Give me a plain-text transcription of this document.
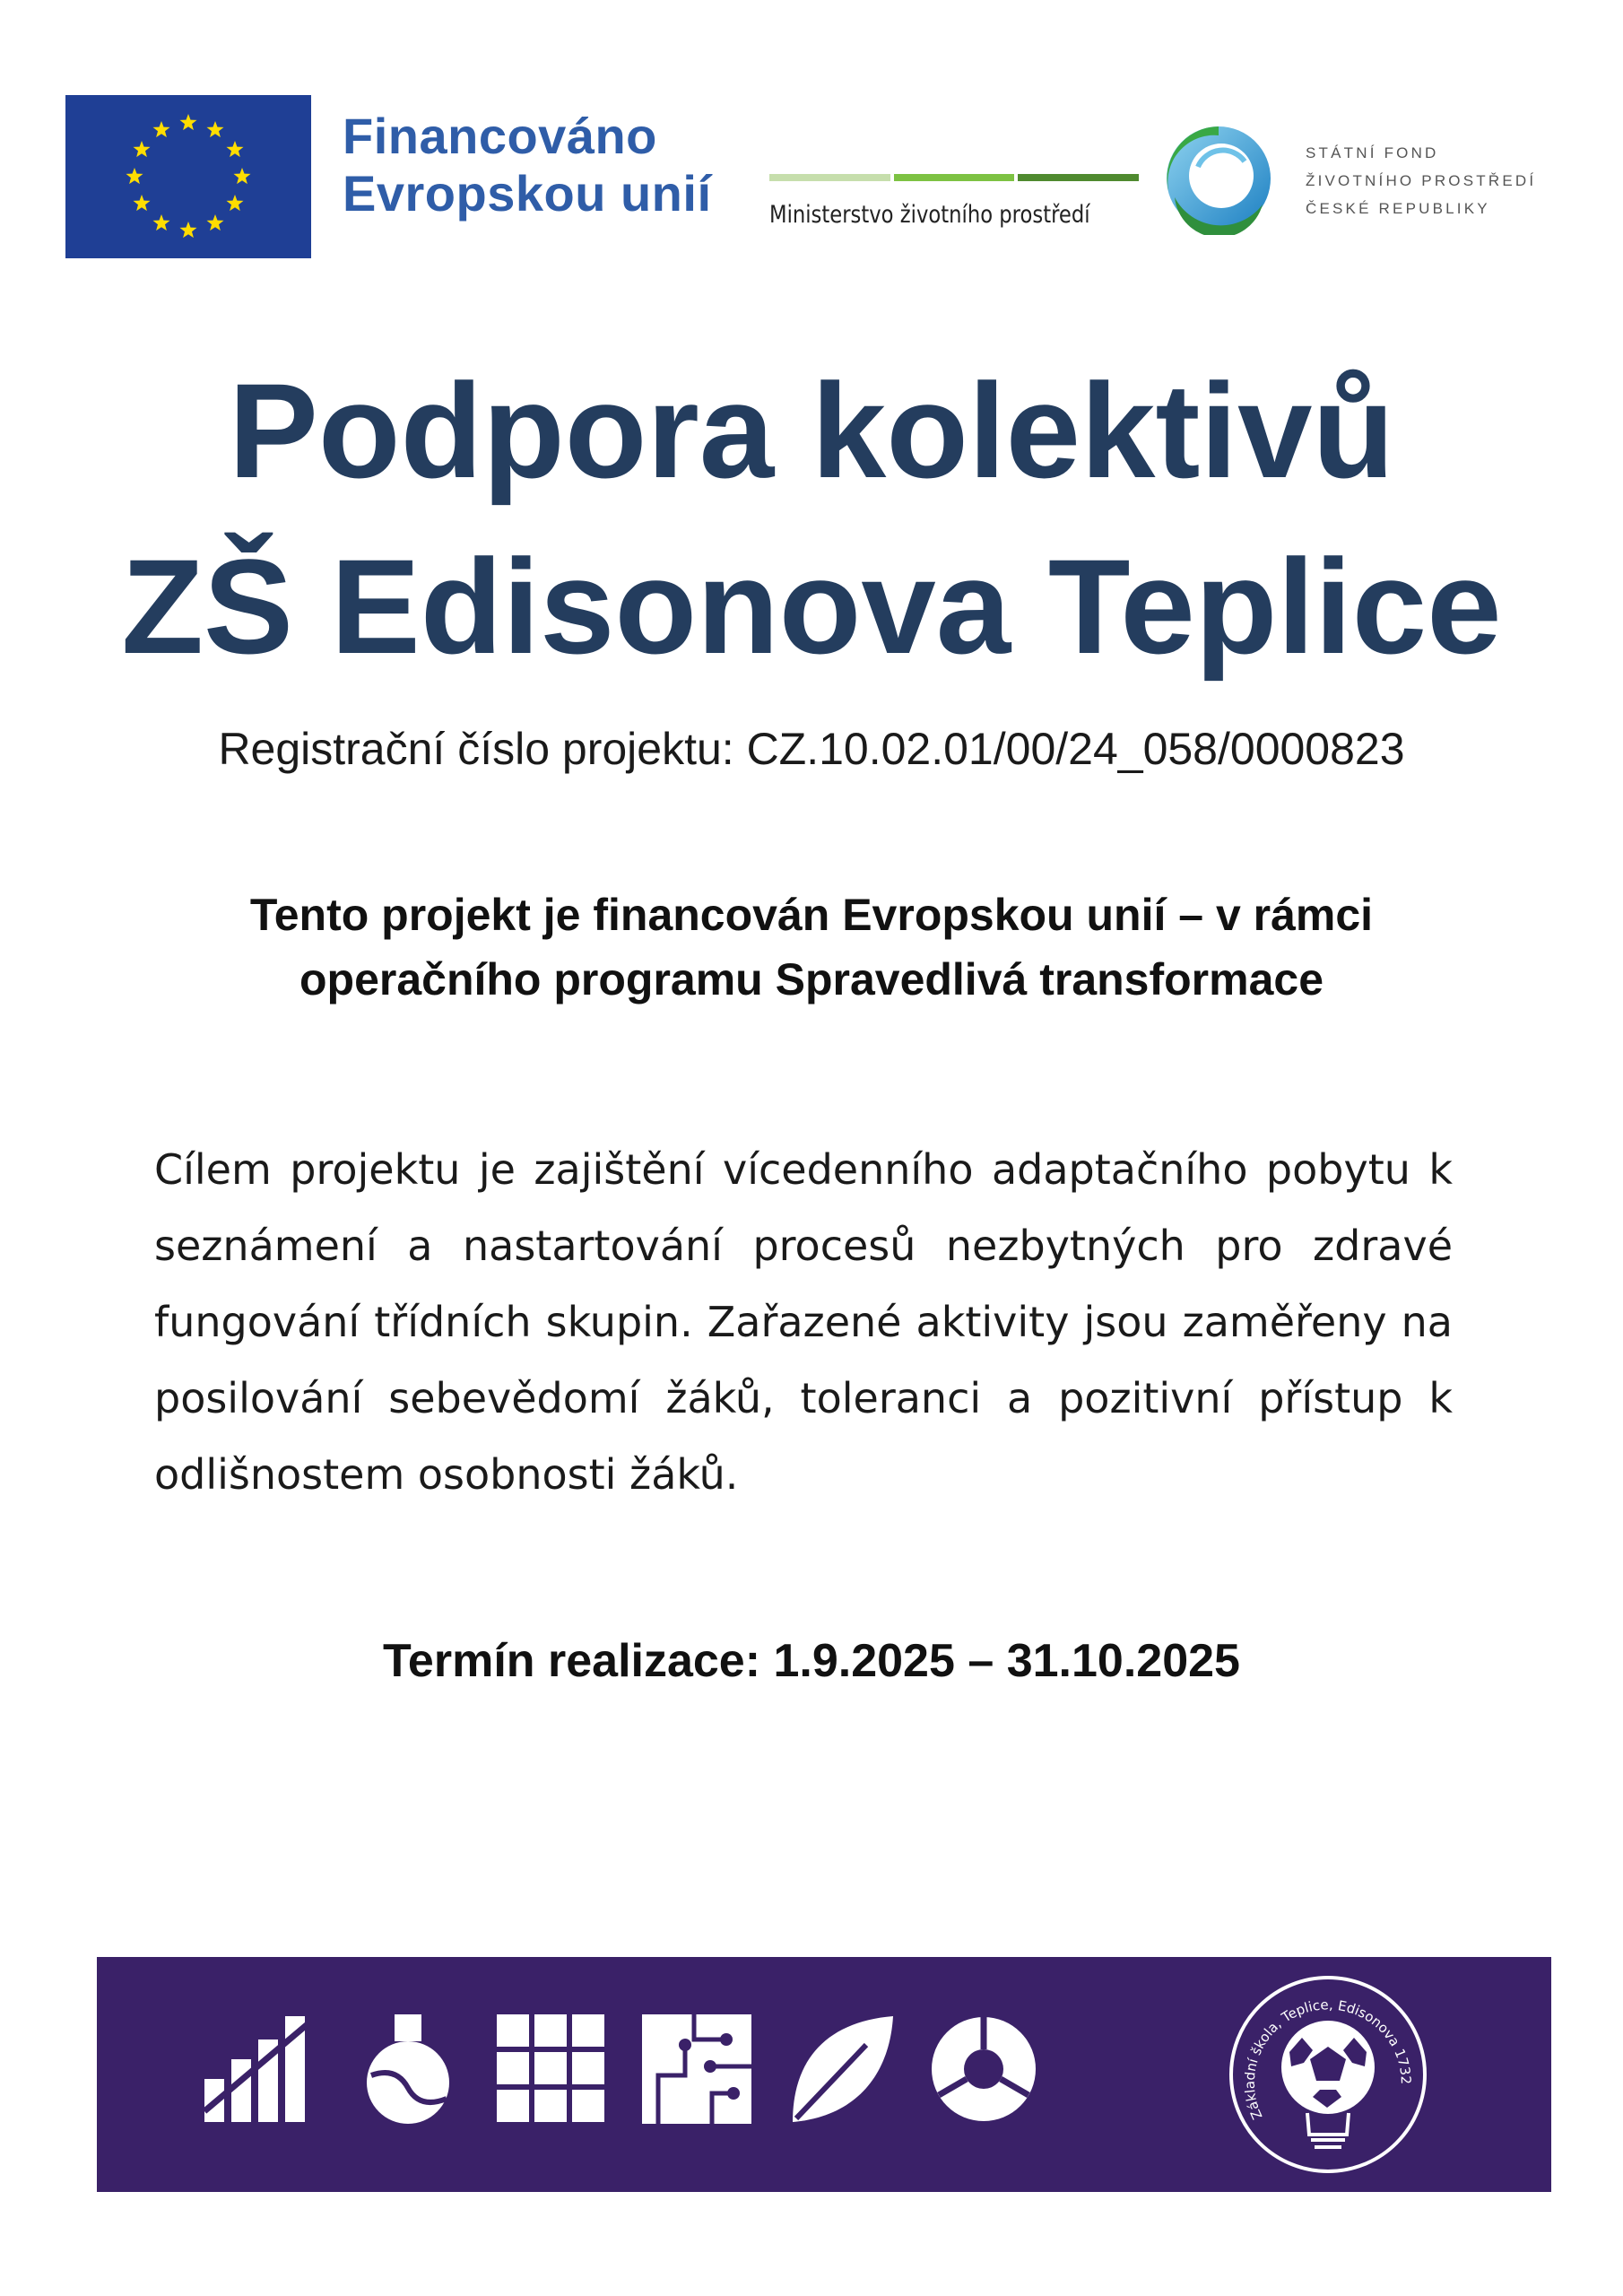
Financováno
Evropskou unií Ministerstvo životního prostředí
STÁTNÍ FOND
ŽIVOTNÍHO PROSTŘEDÍ
ČESKÉ REPUBLIKY
Podpora kolektivů
ZŠ Edisonova Teplice
Registrační číslo projektu: CZ.10.02.01/00/24_058/0000823
Tento projekt je financován Evropskou unií – v rámci
operačního programu Spravedlivá transformace
Cílem projektu je zajištění vícedenního adaptačního pobytu k seznámení a nastartování procesů nezbytných pro zdravé fungování třídních skupin. Zařazené aktivity jsou zaměřeny na posilování sebevědomí žáků, toleranci a pozitivní přístup k odlišnostem osobnosti žáků.
Termín realizace: 1.9.2025 – 31.10.2025
Základní škola, Teplice, Edisonova 1732
